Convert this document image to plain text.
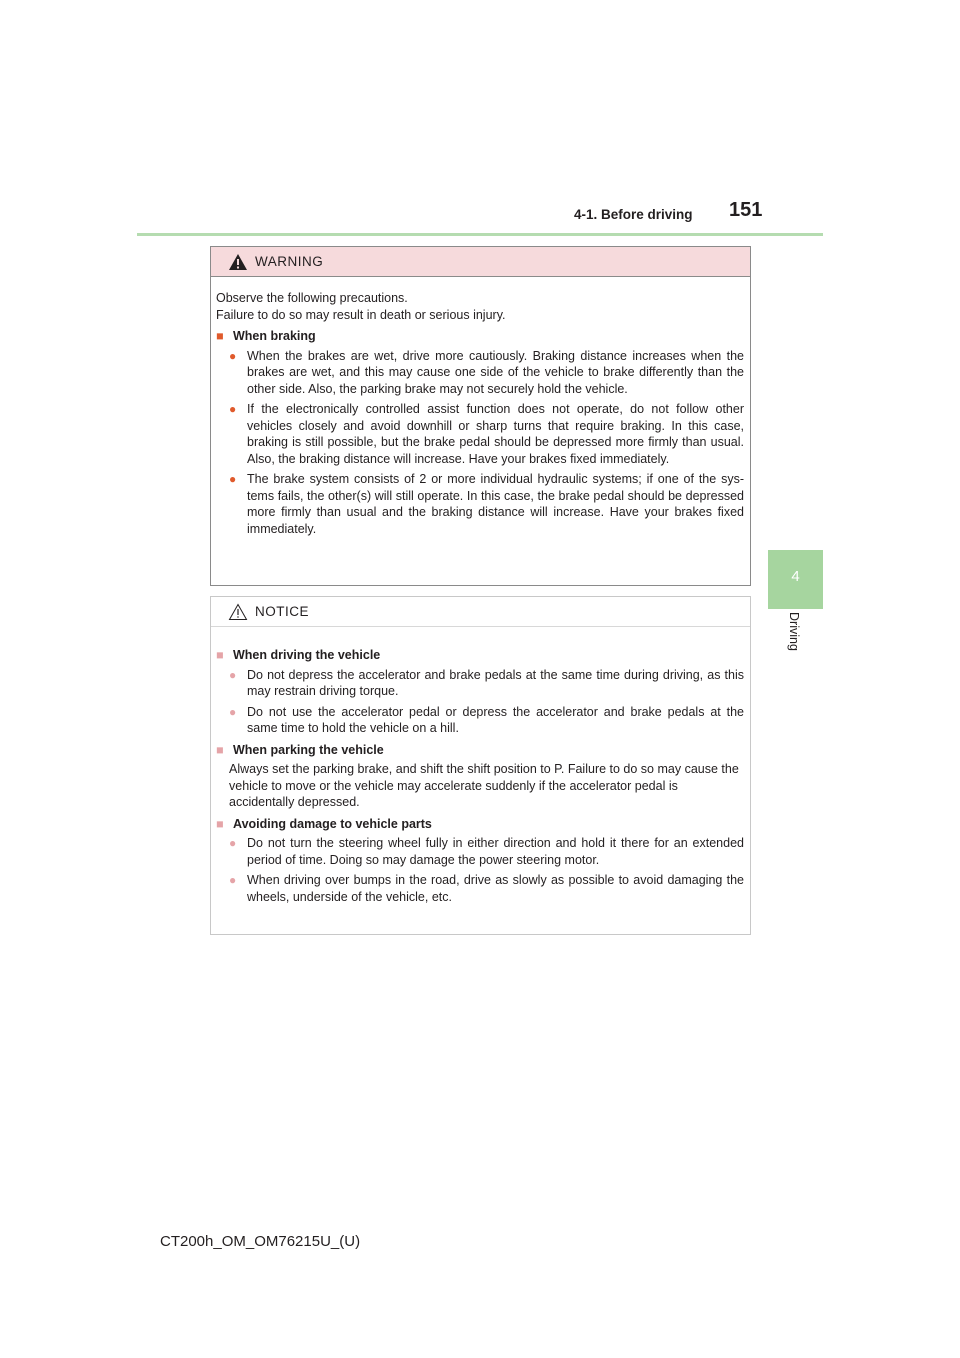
4-1. Before driving 151
4
Driving
WARNING

Observe the following precautions.

Failure to do so may result in death or serious injury.

■ When braking
● When the brakes are wet, drive more cautiously. Braking distance increases when the brakes are wet, and this may cause one side of the vehicle to brake differently than the other side. Also, the parking brake may not securely hold the vehicle.
● If the electronically controlled assist function does not operate, do not follow other vehicles closely and avoid downhill or sharp turns that require braking. In this case, braking is still possible, but the brake pedal should be depressed more firmly than usual. Also, the braking distance will increase. Have your brakes fixed immediately.
● The brake system consists of 2 or more individual hydraulic systems; if one of the sys-tems fails, the other(s) will still operate. In this case, the brake pedal should be depressed more firmly than usual and the braking distance will increase. Have your brakes fixed immediately.
NOTICE
■ When driving the vehicle
● Do not depress the accelerator and brake pedals at the same time during driving, as this may restrain driving torque.
● Do not use the accelerator pedal or depress the accelerator and brake pedals at the same time to hold the vehicle on a hill.
■ When parking the vehicle

Always set the parking brake, and shift the shift position to P. Failure to do so may cause the vehicle to move or the vehicle may accelerate suddenly if the accelerator pedal is accidentally depressed.

■ Avoiding damage to vehicle parts
● Do not turn the steering wheel fully in either direction and hold it there for an extended period of time. Doing so may damage the power steering motor.
● When driving over bumps in the road, drive as slowly as possible to avoid damaging the wheels, underside of the vehicle, etc.
CT200h_OM_OM76215U_(U)
